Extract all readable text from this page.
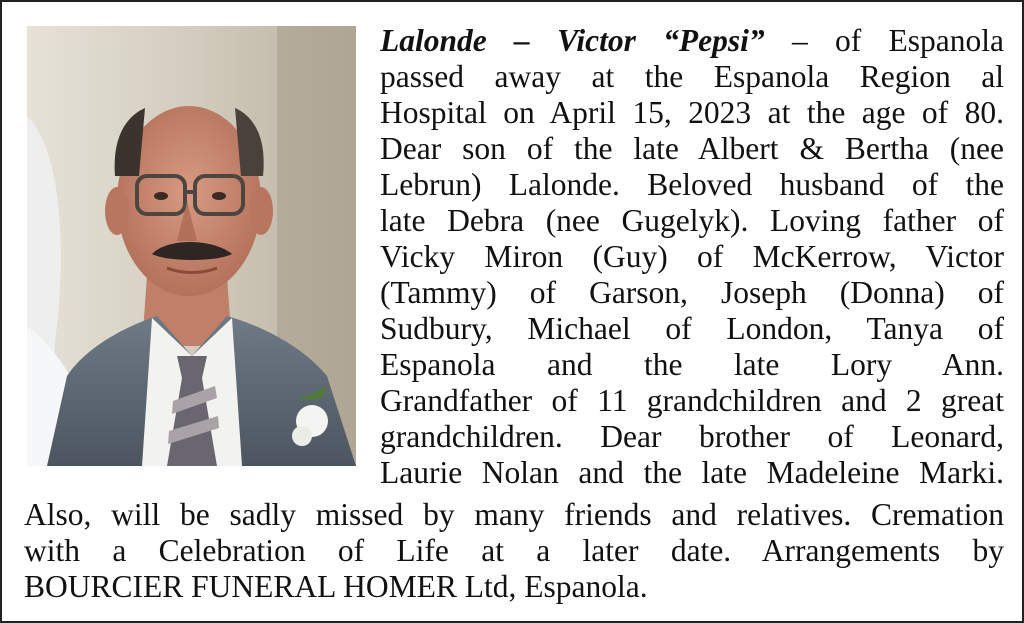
Lalonde – Victor “Pepsi” – of Espanola
passed away at the Espanola Region al
Hospital on April 15, 2023 at the age of 80.
Dear son of the late Albert & Bertha (nee
Lebrun) Lalonde. Beloved husband of the
late Debra (nee Gugelyk). Loving father of
Vicky Miron (Guy) of McKerrow, Victor
(Tammy) of Garson, Joseph (Donna) of
Sudbury, Michael of London, Tanya of
Espanola and the late Lory Ann.
Grandfather of 11 grandchildren and 2 great
grandchildren. Dear brother of Leonard,
Laurie Nolan and the late Madeleine Marki.
Also, will be sadly missed by many friends and relatives. Cremation
with a Celebration of Life at a later date. Arrangements by
BOURCIER FUNERAL HOMER Ltd, Espanola.
